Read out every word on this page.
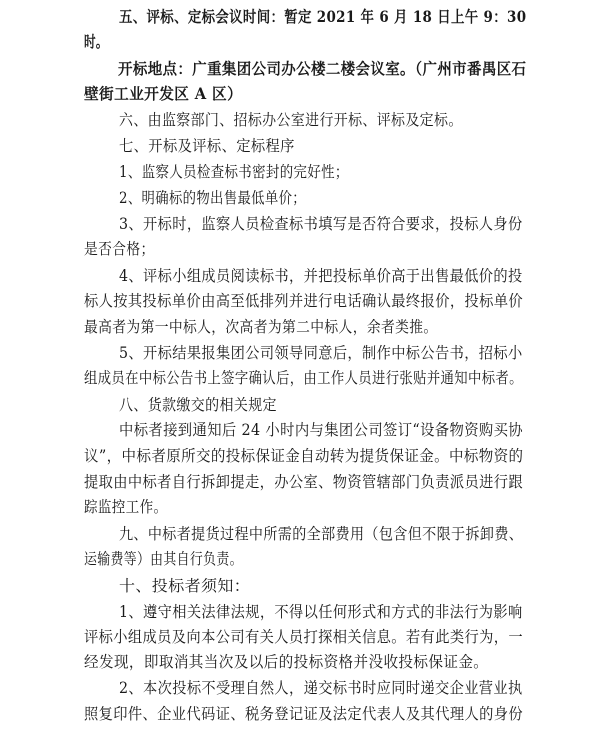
五、评标、定标会议时间：暂定 2021 年 6 月 18 日上午 9：30
时。
开标地点：广重集团公司办公楼二楼会议室。（广州市番禺区石
壁街工业开发区 A 区）
六、由监察部门、招标办公室进行开标、评标及定标。
七、开标及评标、定标程序
1、监察人员检查标书密封的完好性；
2、明确标的物出售最低单价；
3、开标时，监察人员检查标书填写是否符合要求，投标人身份
是否合格；
4、评标小组成员阅读标书，并把投标单价高于出售最低价的投
标人按其投标单价由高至低排列并进行电话确认最终报价，投标单价
最高者为第一中标人，次高者为第二中标人，余者类推。
5、开标结果报集团公司领导同意后，制作中标公告书，招标小
组成员在中标公告书上签字确认后，由工作人员进行张贴并通知中标者。
八、货款缴交的相关规定
中标者接到通知后 24 小时内与集团公司签订“设备物资购买协
议”，中标者原所交的投标保证金自动转为提货保证金。中标物资的
提取由中标者自行拆卸提走，办公室、物资管辖部门负责派员进行跟
踪监控工作。
九、中标者提货过程中所需的全部费用（包含但不限于拆卸费、
运输费等）由其自行负责。
十、投标者须知：
1、遵守相关法律法规，不得以任何形式和方式的非法行为影响
评标小组成员及向本公司有关人员打探相关信息。若有此类行为，一
经发现，即取消其当次及以后的投标资格并没收投标保证金。
2、本次投标不受理自然人，递交标书时应同时递交企业营业执
照复印件、企业代码证、税务登记证及法定代表人及其代理人的身份
